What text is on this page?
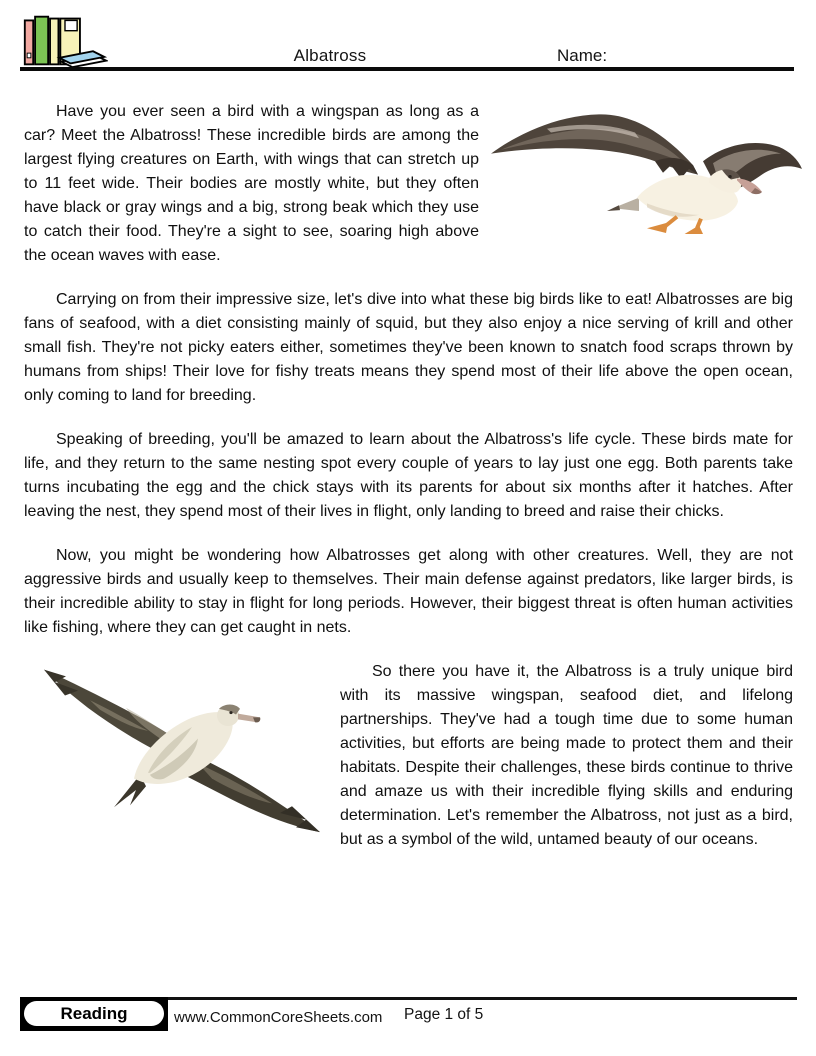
Albatross	Name:

Have you ever seen a bird with a wingspan as long as a car? Meet the Albatross! These incredible birds are among the largest flying creatures on Earth, with wings that can stretch up to 11 feet wide. Their bodies are mostly white, but they often have black or gray wings and a big, strong beak which they use to catch their food. They're a sight to see, soaring high above the ocean waves with ease.

Carrying on from their impressive size, let's dive into what these big birds like to eat! Albatrosses are big fans of seafood, with a diet consisting mainly of squid, but they also enjoy a nice serving of krill and other small fish. They're not picky eaters either, sometimes they've been known to snatch food scraps thrown by humans from ships! Their love for fishy treats means they spend most of their life above the open ocean, only coming to land for breeding.

Speaking of breeding, you'll be amazed to learn about the Albatross's life cycle. These birds mate for life, and they return to the same nesting spot every couple of years to lay just one egg. Both parents take turns incubating the egg and the chick stays with its parents for about six months after it hatches. After leaving the nest, they spend most of their lives in flight, only landing to breed and raise their chicks.

Now, you might be wondering how Albatrosses get along with other creatures. Well, they are not aggressive birds and usually keep to themselves. Their main defense against predators, like larger birds, is their incredible ability to stay in flight for long periods. However, their biggest threat is often human activities like fishing, where they can get caught in nets.

So there you have it, the Albatross is a truly unique bird with its massive wingspan, seafood diet, and lifelong partnerships. They've had a tough time due to some human activities, but efforts are being made to protect them and their habitats. Despite their challenges, these birds continue to thrive and amaze us with their incredible flying skills and enduring determination. Let's remember the Albatross, not just as a bird, but as a symbol of the wild, untamed beauty of our oceans.

Reading	www.CommonCoreSheets.com Page 1 of 5
